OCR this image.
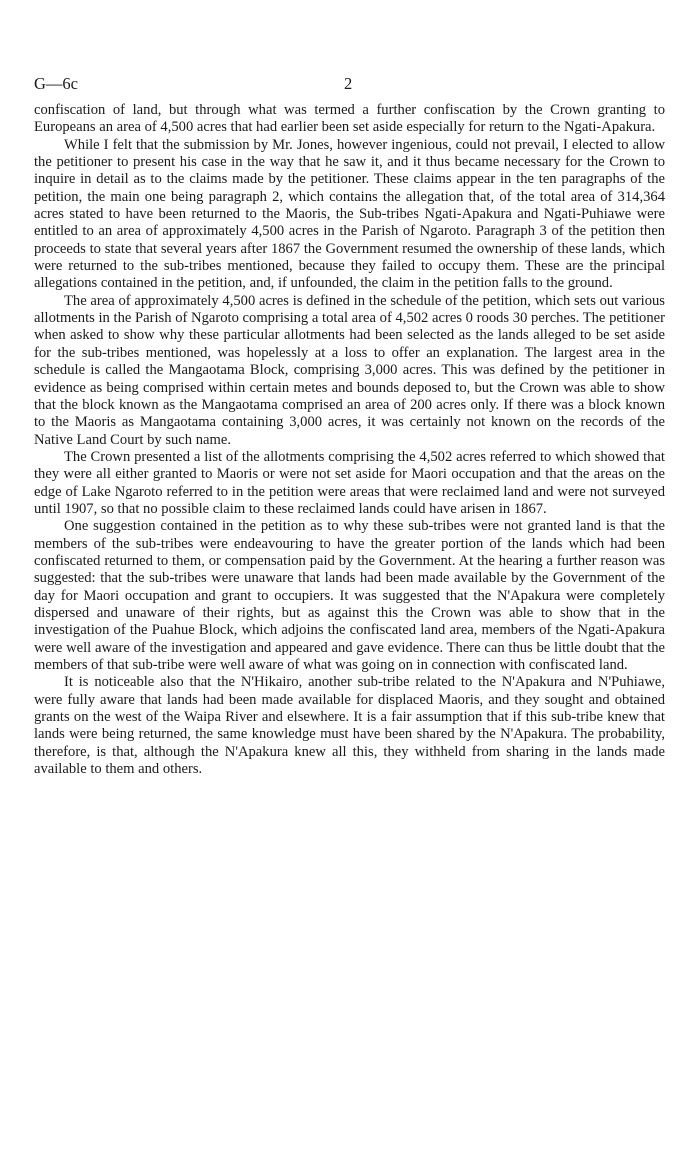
G—6c	2

confiscation of land, but through what was termed a further confiscation by the Crown granting to Europeans an area of 4,500 acres that had earlier been set aside especially for return to the Ngati-Apakura.

While I felt that the submission by Mr. Jones, however ingenious, could not prevail, I elected to allow the petitioner to present his case in the way that he saw it, and it thus became necessary for the Crown to inquire in detail as to the claims made by the petitioner. These claims appear in the ten paragraphs of the petition, the main one being paragraph 2, which contains the allegation that, of the total area of 314,364 acres stated to have been returned to the Maoris, the Sub-tribes Ngati-Apakura and Ngati-Puhiawe were entitled to an area of approximately 4,500 acres in the Parish of Ngaroto. Paragraph 3 of the petition then proceeds to state that several years after 1867 the Government resumed the ownership of these lands, which were returned to the sub-tribes mentioned, because they failed to occupy them. These are the principal allegations contained in the petition, and, if unfounded, the claim in the petition falls to the ground.

The area of approximately 4,500 acres is defined in the schedule of the petition, which sets out various allotments in the Parish of Ngaroto comprising a total area of 4,502 acres 0 roods 30 perches. The petitioner when asked to show why these particular allotments had been selected as the lands alleged to be set aside for the sub-tribes mentioned, was hopelessly at a loss to offer an explanation. The largest area in the schedule is called the Mangaotama Block, comprising 3,000 acres. This was defined by the petitioner in evidence as being comprised within certain metes and bounds deposed to, but the Crown was able to show that the block known as the Mangaotama comprised an area of 200 acres only. If there was a block known to the Maoris as Mangaotama containing 3,000 acres, it was certainly not known on the records of the Native Land Court by such name.

The Crown presented a list of the allotments comprising the 4,502 acres referred to which showed that they were all either granted to Maoris or were not set aside for Maori occupation and that the areas on the edge of Lake Ngaroto referred to in the petition were areas that were reclaimed land and were not surveyed until 1907, so that no possible claim to these reclaimed lands could have arisen in 1867.

One suggestion contained in the petition as to why these sub-tribes were not granted land is that the members of the sub-tribes were endeavouring to have the greater portion of the lands which had been confiscated returned to them, or compensation paid by the Government. At the hearing a further reason was suggested: that the sub-tribes were unaware that lands had been made available by the Government of the day for Maori occupation and grant to occupiers. It was suggested that the N'Apakura were completely dispersed and unaware of their rights, but as against this the Crown was able to show that in the investigation of the Puahue Block, which adjoins the confiscated land area, members of the Ngati-Apakura were well aware of the investigation and appeared and gave evidence. There can thus be little doubt that the members of that sub-tribe were well aware of what was going on in connection with confiscated land.

It is noticeable also that the N'Hikairo, another sub-tribe related to the N'Apakura and N'Puhiawe, were fully aware that lands had been made available for displaced Maoris, and they sought and obtained grants on the west of the Waipa River and elsewhere. It is a fair assumption that if this sub-tribe knew that lands were being returned, the same knowledge must have been shared by the N'Apakura. The probability, therefore, is that, although the N'Apakura knew all this, they withheld from sharing in the lands made available to them and others.
